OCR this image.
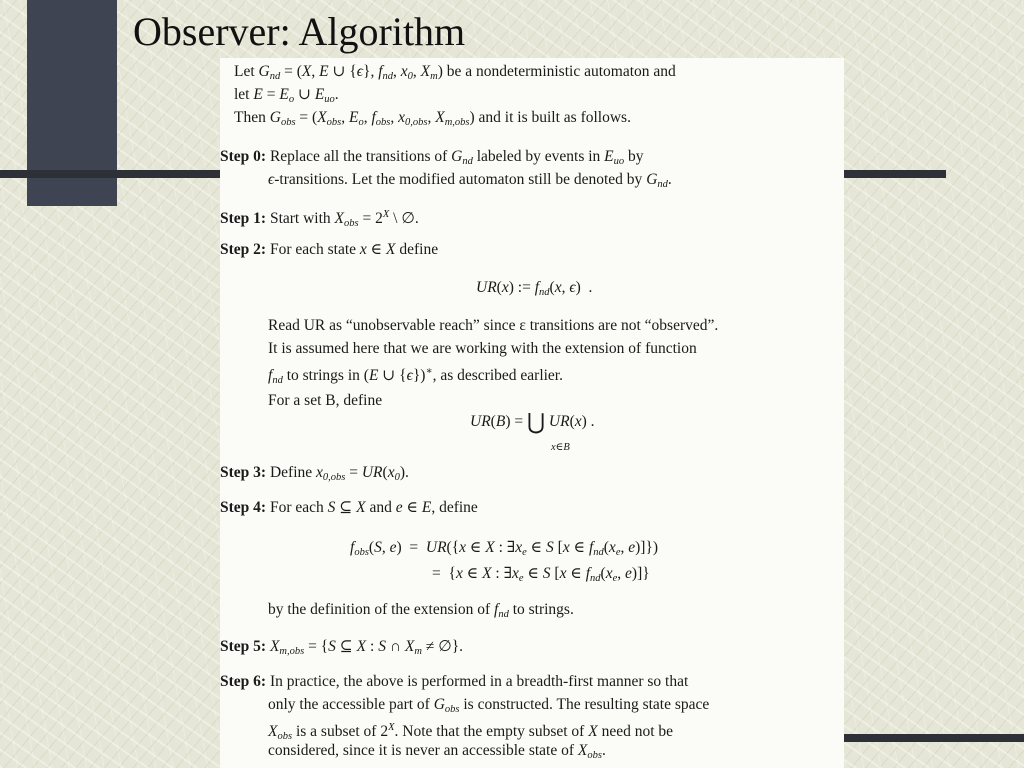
Observer: Algorithm
Let $G_{nd} = (X$, E ∪ {ϵ}, $f_{nd}$, $x_0$, $X_m$) be a nondeterministic automaton and
let $E = E_o$ ∪ $E_{uo}$.
Then $G_{obs} = (X_{obs}$, $E_o$, $f_{obs}$, $x_{0,obs}$, $X_{m,obs}$) and it is built as follows.
Step 0: Replace all the transitions of $G_{nd}$ labeled by events in $E_{uo}$ by
ϵ-transitions. Let the modified automaton still be denoted by $G_{nd}$.
Step 1: Start with $X_{obs} = 2^X$ \ ∅.
Step 2: For each state x ∈ X define
UR(x) := $f_{nd}(x$, ϵ)  .
Read UR as “unobservable reach” since ε transitions are not “observed”.
It is assumed here that we are working with the extension of function
$f_{nd}$ to strings in (E ∪ {ϵ})∗, as described earlier.
For a set B, define
UR(B) = ⋃ UR(x) .
x∈B
Step 3: Define $x_{0,obs} = UR(x_0)$.
Step 4: For each S ⊆ X and e ∈ E, define
$f_{obs}(S$, e)  =  UR({x ∈ X : $\exists x_e$ ∈ S [x ∈ $f_{nd}(x_e$, e)]})
=  {x ∈ X : $\exists x_e$ ∈ S [x ∈ $f_{nd}(x_e$, e)]}
by the definition of the extension of $f_{nd}$ to strings.
Step 5: $X_{m,obs} = \{S$ ⊆ X : S ∩ $X_m$ ≠ ∅}.
Step 6: In practice, the above is performed in a breadth-first manner so that
only the accessible part of $G_{obs}$ is constructed. The resulting state space
$X_{obs}$ is a subset of $2^X$. Note that the empty subset of X need not be
considered, since it is never an accessible state of $X_{obs}$.
